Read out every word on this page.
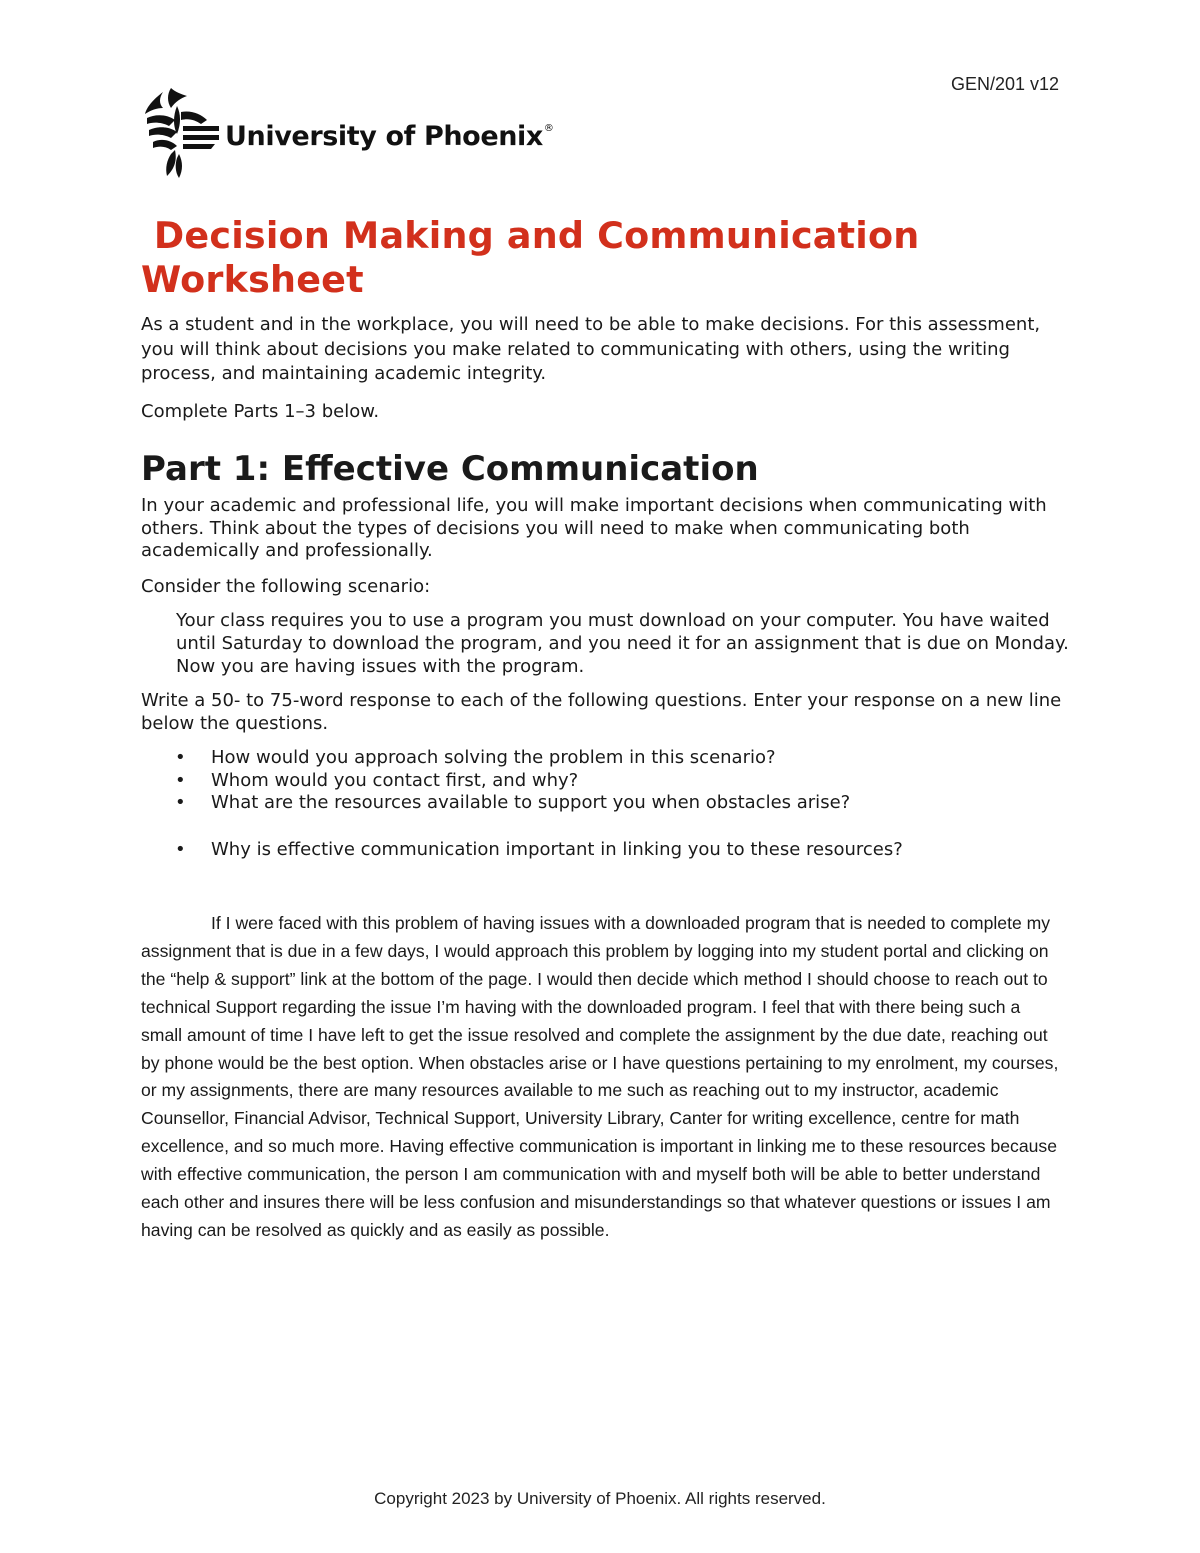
GEN/201 v12
University of Phoenix®
Decision Making and Communication Worksheet
As a student and in the workplace, you will need to be able to make decisions. For this assessment, you will think about decisions you make related to communicating with others, using the writing process, and maintaining academic integrity.
Complete Parts 1–3 below.
Part 1: Effective Communication
In your academic and professional life, you will make important decisions when communicating with others. Think about the types of decisions you will need to make when communicating both academically and professionally.
Consider the following scenario:
Your class requires you to use a program you must download on your computer. You have waited until Saturday to download the program, and you need it for an assignment that is due on Monday. Now you are having issues with the program.
Write a 50- to 75-word response to each of the following questions. Enter your response on a new line below the questions.
• How would you approach solving the problem in this scenario?
• Whom would you contact first, and why?
• What are the resources available to support you when obstacles arise?
• Why is effective communication important in linking you to these resources?
If I were faced with this problem of having issues with a downloaded program that is needed to complete my assignment that is due in a few days, I would approach this problem by logging into my student portal and clicking on the “help & support” link at the bottom of the page. I would then decide which method I should choose to reach out to technical Support regarding the issue I’m having with the downloaded program. I feel that with there being such a small amount of time I have left to get the issue resolved and complete the assignment by the due date, reaching out by phone would be the best option. When obstacles arise or I have questions pertaining to my enrolment, my courses, or my assignments, there are many resources available to me such as reaching out to my instructor, academic Counsellor, Financial Advisor, Technical Support, University Library, Canter for writing excellence, centre for math excellence, and so much more. Having effective communication is important in linking me to these resources because with effective communication, the person I am communication with and myself both will be able to better understand each other and insures there will be less confusion and misunderstandings so that whatever questions or issues I am having can be resolved as quickly and as easily as possible.
Copyright 2023 by University of Phoenix. All rights reserved.
